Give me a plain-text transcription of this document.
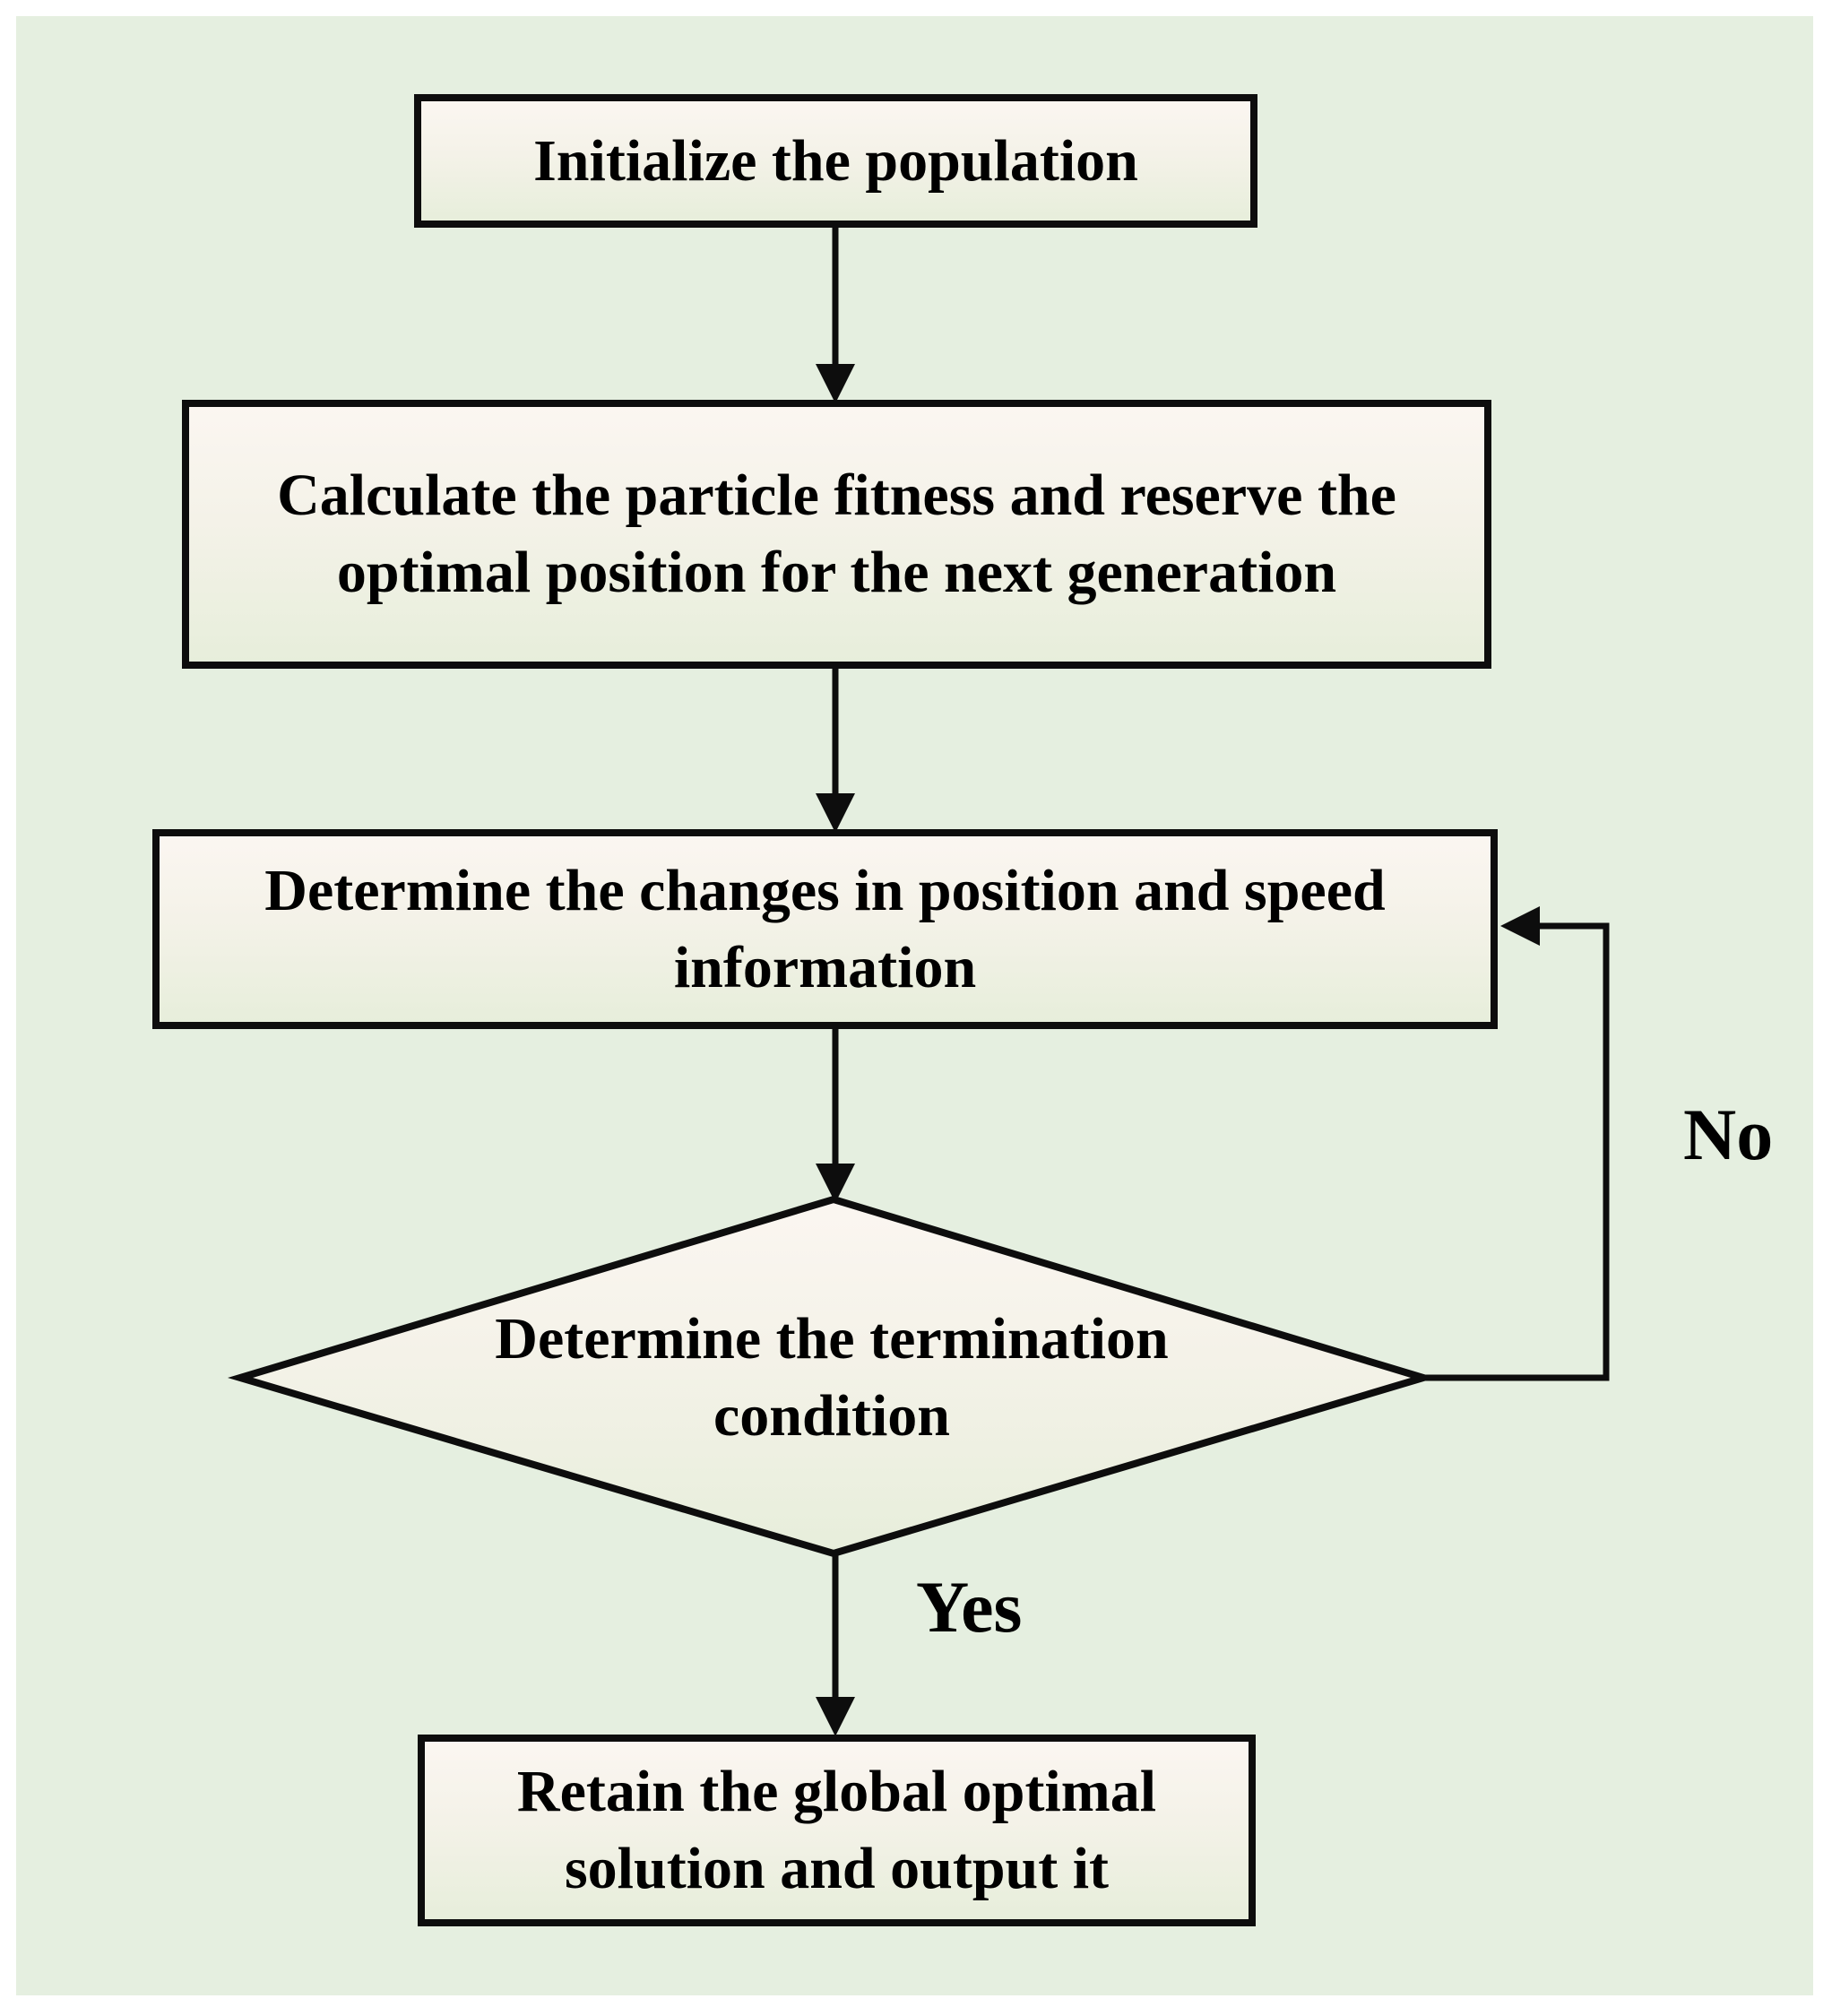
Initialize the population
Calculate the particle fitness and reserve the
optimal position for the next generation
Determine the changes in position and speed
information
Determine the termination
condition
Retain the global optimal
solution and output it
Yes
No
